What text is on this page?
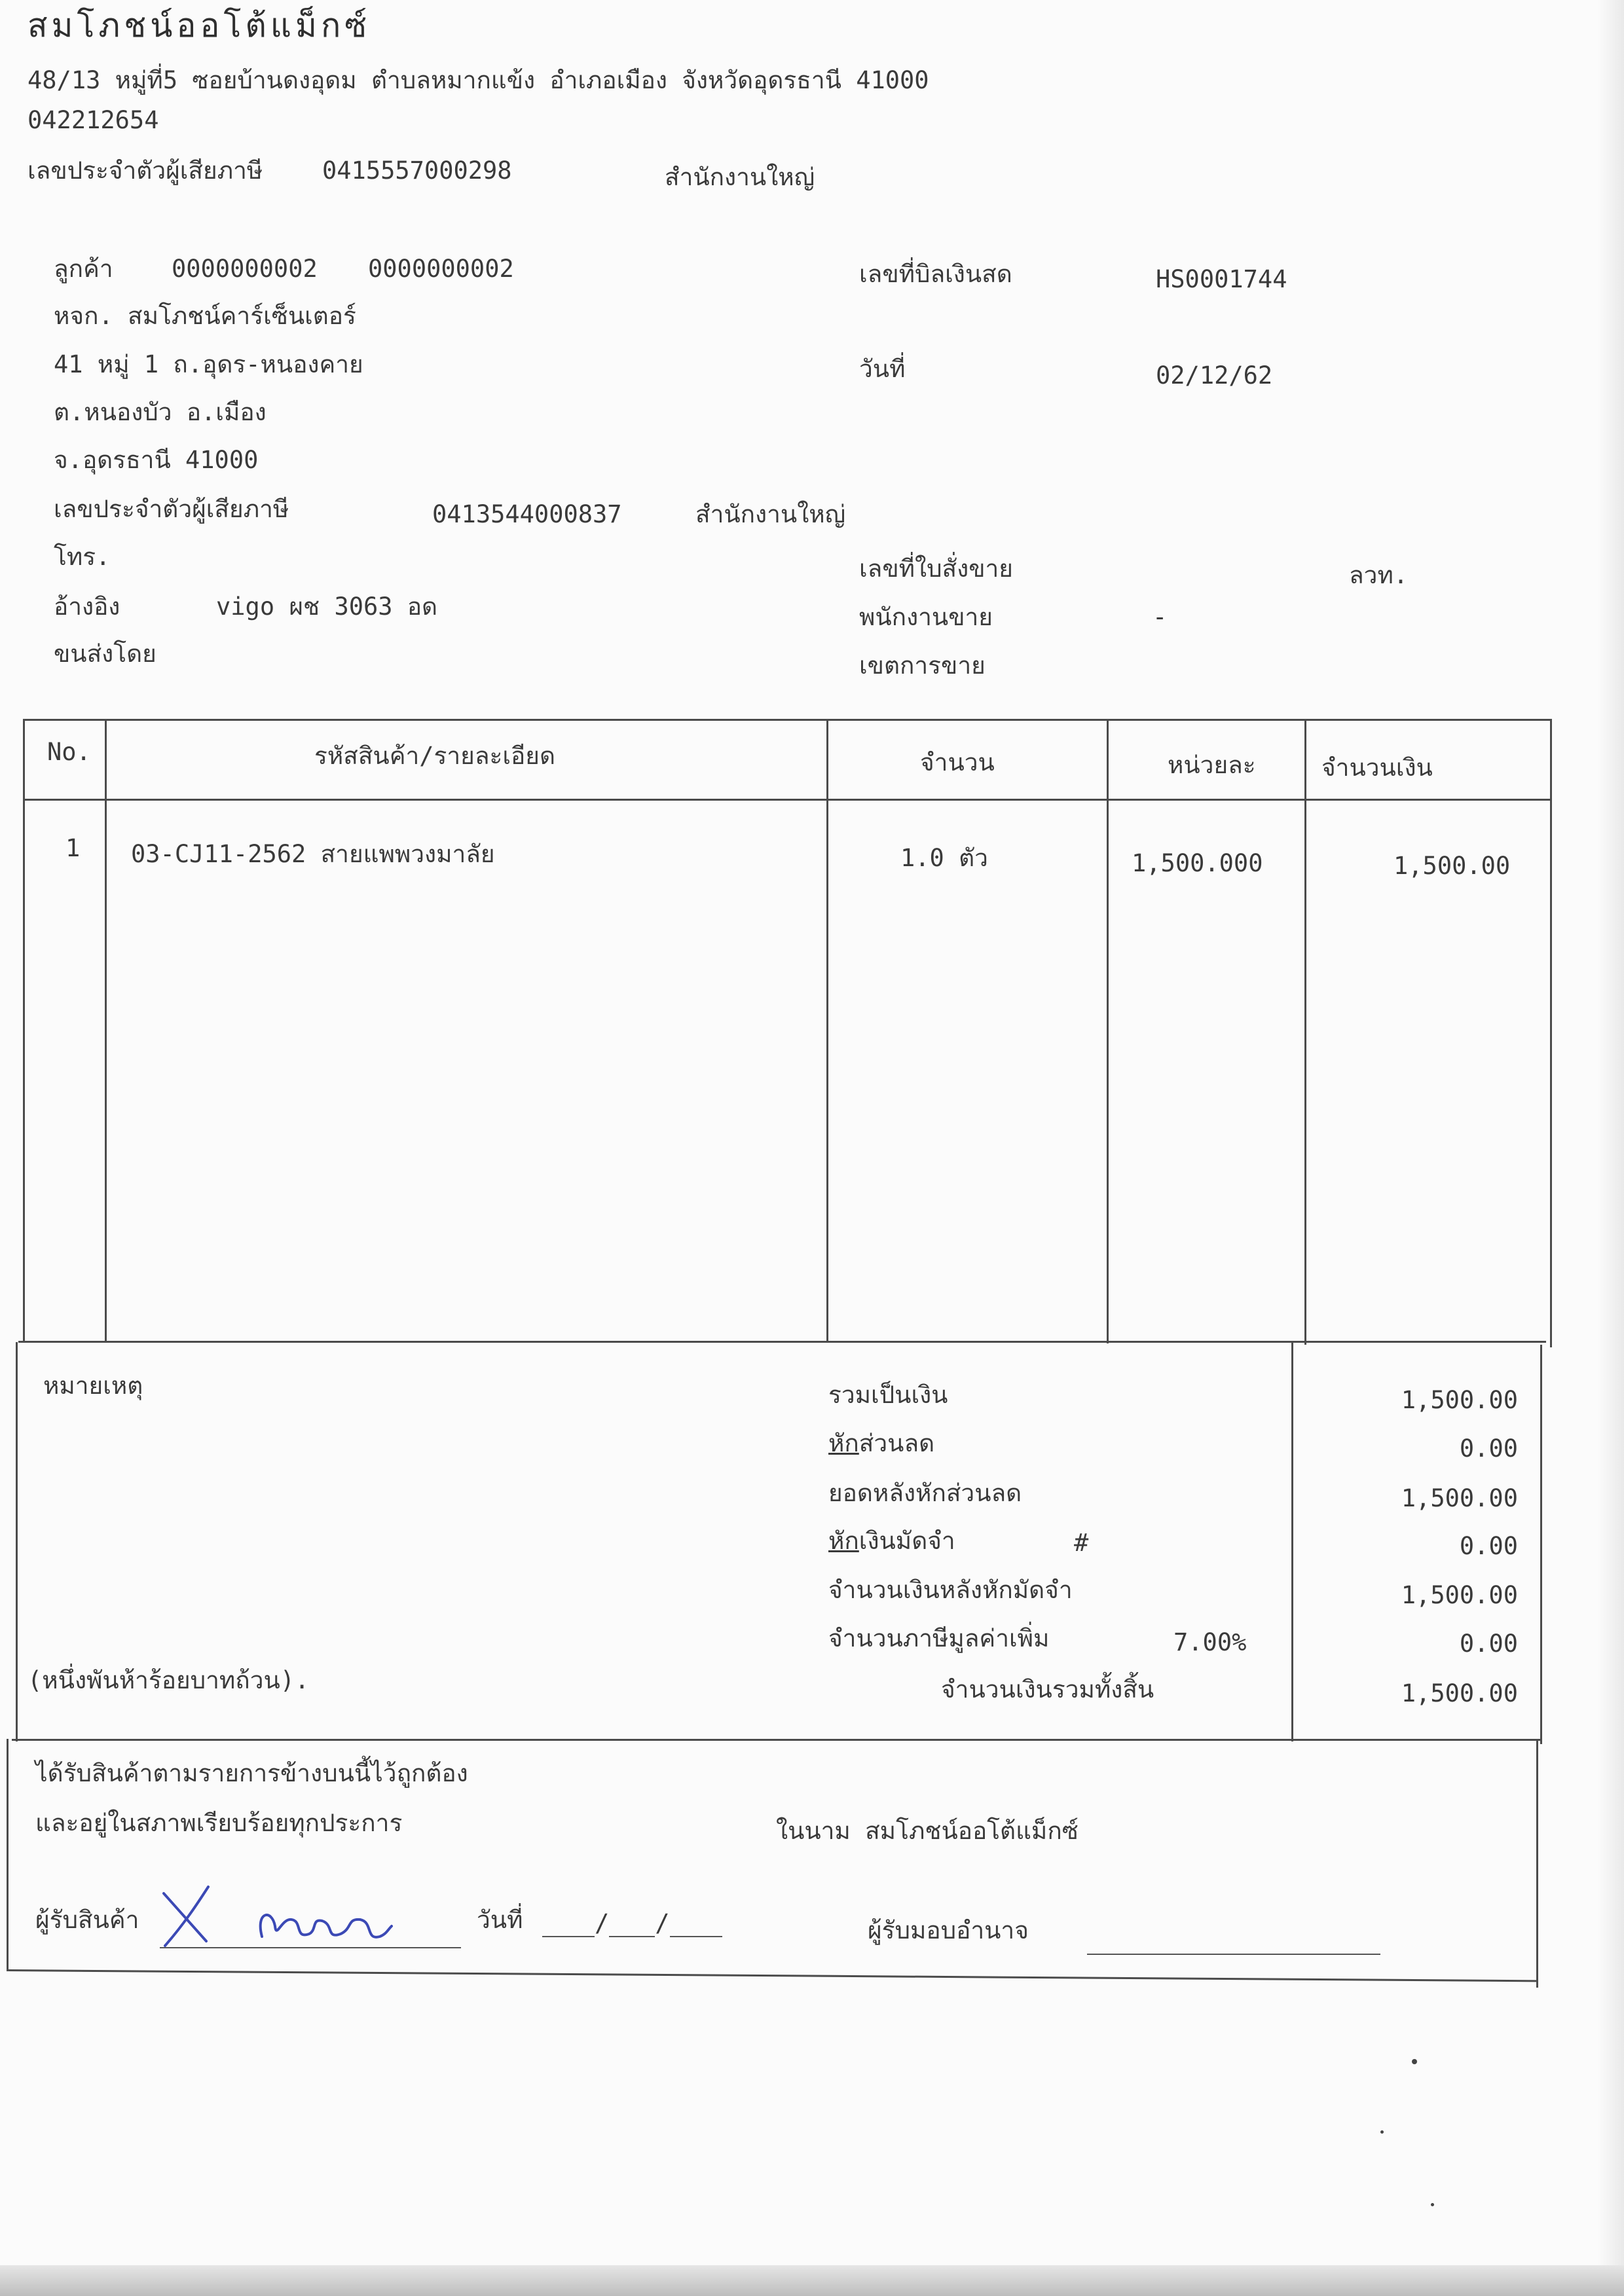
สมโภชน์ออโต้แม็กซ์
48/13 หมู่ที่5 ซอยบ้านดงอุดม ตำบลหมากแข้ง อำเภอเมือง จังหวัดอุดรธานี 41000
042212654
เลขประจำตัวผู้เสียภาษี 0415557000298	สำนักงานใหญ่
ลูกค้า 0000000002 0000000002
หจก. สมโภชน์คาร์เซ็นเตอร์
41 หมู่ 1 ถ.อุดร-หนองคาย
ต.หนองบัว อ.เมือง
จ.อุดรธานี 41000
เลขประจำตัวผู้เสียภาษี	0413544000837	สำนักงานใหญ่
โทร.
อ้างอิง	vigo ผช 3063 อด
ขนส่งโดย
เลขที่บิลเงินสด	HS0001744
วันที่	02/12/62
เลขที่ใบสั่งขาย	ลวท.
พนักงานขาย	-
เขตการขาย
No.	รหัสสินค้า/รายละเอียด	จำนวน	หน่วยละ	จำนวนเงิน
1 03-CJ11-2562 สายแพพวงมาลัย	1.0 ตัว	1,500.000	1,500.00
หมายเหตุ
(หนึ่งพันห้าร้อยบาทถ้วน).
รวมเป็นเงิน	1,500.00
หักส่วนลด	0.00
ยอดหลังหักส่วนลด	1,500.00
หักเงินมัดจำ	#	0.00
จำนวนเงินหลังหักมัดจำ	1,500.00
จำนวนภาษีมูลค่าเพิ่ม	7.00%	0.00
จำนวนเงินรวมทั้งสิ้น	1,500.00
ได้รับสินค้าตามรายการข้างบนนี้ไว้ถูกต้อง
และอยู่ในสภาพเรียบร้อยทุกประการ	ในนาม สมโภชน์ออโต้แม็กซ์
ผู้รับสินค้า	วันที่	/ /	ผู้รับมอบอำนาจ
